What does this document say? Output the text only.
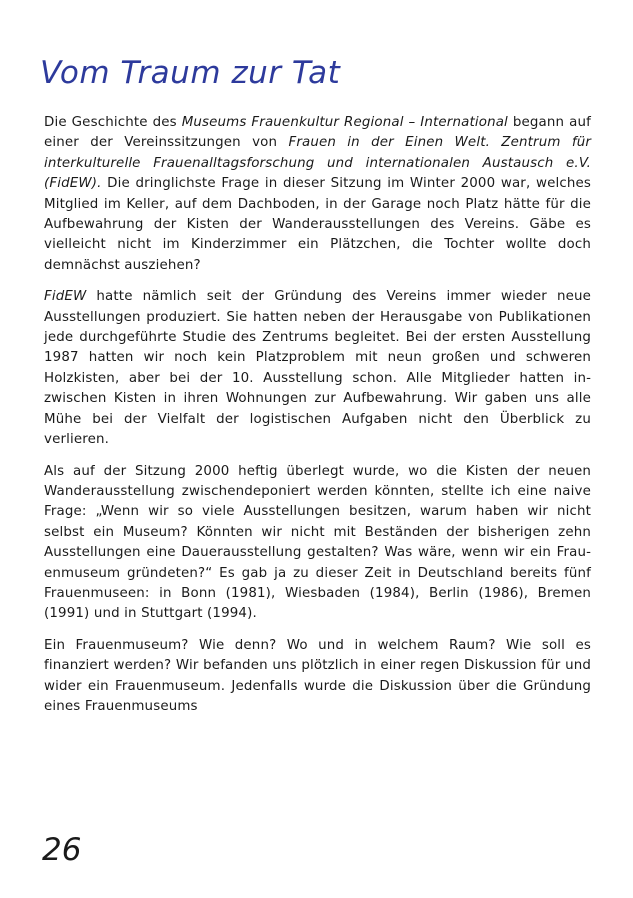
Vom Traum zur Tat

Die Geschichte des Museums Frauenkultur Regional – International begann auf einer der Vereinssitzungen von Frauen in der Einen Welt. Zentrum für interkulturelle Frauenalltagsforschung und internationalen Austausch e.V. (FidEW). Die dringlichste Frage in dieser Sitzung im Winter 2000 war, welches Mitglied im Keller, auf dem Dachboden, in der Garage noch Platz hätte für die Aufbewahrung der Kisten der Wanderausstellungen des Vereins. Gäbe es vielleicht nicht im Kinderzimmer ein Plätzchen, die Tochter wollte doch demnächst ausziehen?

FidEW hatte nämlich seit der Gründung des Vereins immer wieder neue Ausstellungen produziert. Sie hatten neben der Herausgabe von Publikationen jede durchgeführte Studie des Zentrums begleitet. Bei der ersten Ausstellung 1987 hatten wir noch kein Platzproblem mit neun großen und schweren Holzkisten, aber bei der 10. Ausstellung schon. Alle Mitglieder hatten inzwischen Kisten in ihren Wohnungen zur Aufbewahrung. Wir gaben uns alle Mühe bei der Vielfalt der logistischen Aufgaben nicht den Überblick zu verlieren.

Als auf der Sitzung 2000 heftig überlegt wurde, wo die Kisten der neuen Wanderausstellung zwischendeponiert werden könnten, stellte ich eine naive Frage: „Wenn wir so viele Ausstellungen besitzen, warum haben wir nicht selbst ein Museum? Könnten wir nicht mit Beständen der bisherigen zehn Ausstellungen eine Dauerausstellung gestalten? Was wäre, wenn wir ein Frauenmuseum gründeten?“ Es gab ja zu dieser Zeit in Deutschland bereits fünf Frauenmuseen: in Bonn (1981), Wiesbaden (1984), Berlin (1986), Bremen (1991) und in Stuttgart (1994).

Ein Frauenmuseum? Wie denn? Wo und in welchem Raum? Wie soll es finanziert werden? Wir befanden uns plötzlich in einer regen Diskussion für und wider ein Frauenmuseum. Jedenfalls wurde die Diskussion über die Gründung eines Frauenmuseums

26
